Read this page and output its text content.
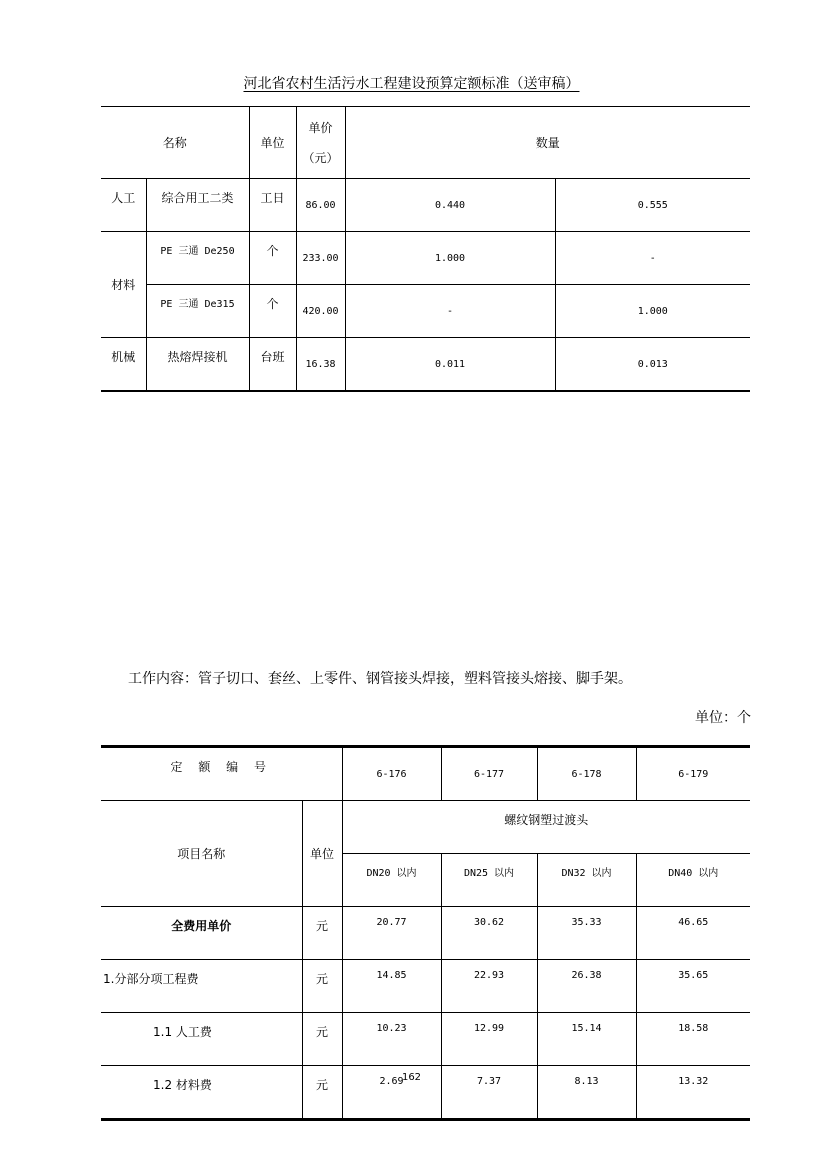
河北省农村生活污水工程建设预算定额标准（送审稿）
名称		单位	单价
（元）	数量	
人工	综合用工二类	工日	86.00	0.440	0.555
材料	PE 三通 De250	个	233.00	1.000	-
	PE 三通 De315	个	420.00	-	1.000
机械	热熔焊接机	台班	16.38	0.011	0.013
工作内容：管子切口、套丝、上零件、钢管接头焊接，塑料管接头熔接、脚手架。
单位：个
定 额 编 号		6-176	6-177	6-178	6-179
项目名称	单位	螺纹钢塑过渡头			
		DN20 以内	DN25 以内	DN32 以内	DN40 以内
全费用单价	元	20.77	30.62	35.33	46.65
1.分部分项工程费	元	14.85	22.93	26.38	35.65
1.1 人工费	元	10.23	12.99	15.14	18.58
1.2 材料费	元	2.69	7.37	8.13	13.32
162
